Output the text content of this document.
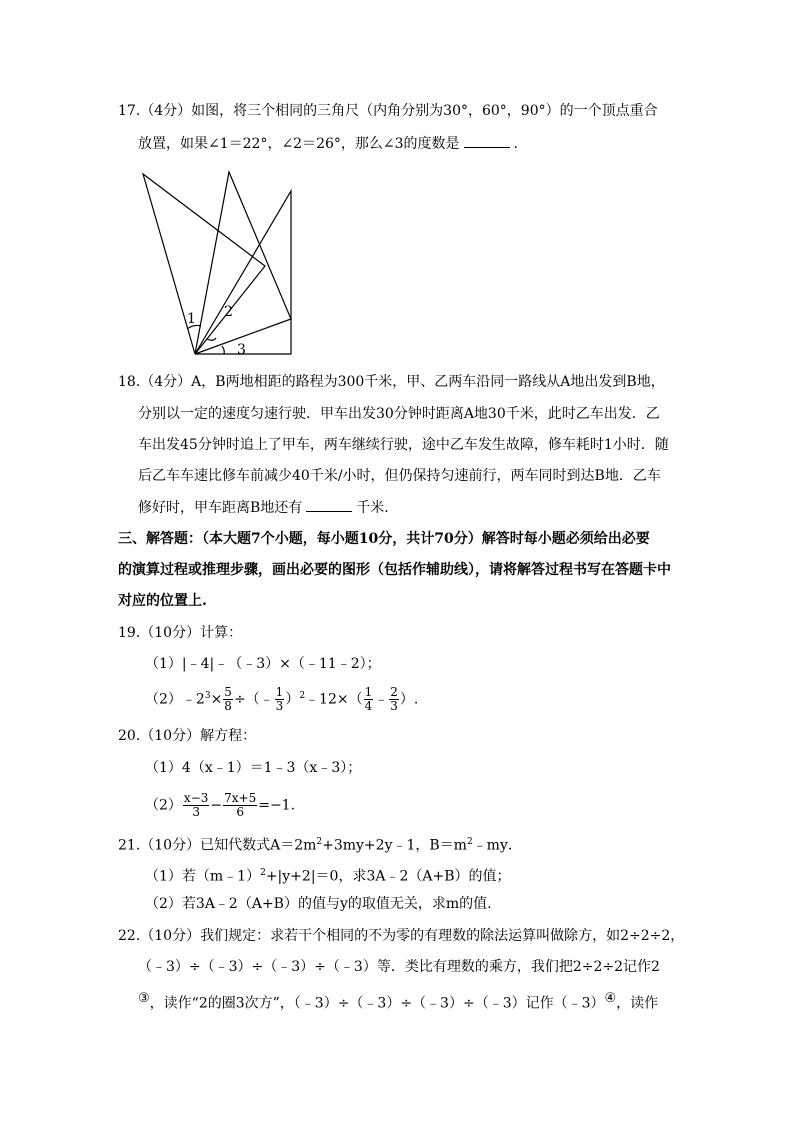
17.（4分）如图，将三个相同的三角尺（内角分别为30°，60°，90°）的一个顶点重合
放置，如果∠1＝22°，∠2＝26°，那么∠3的度数是	.
1 2
3
18.（4分）A，B两地相距的路程为300千米，甲、乙两车沿同一路线从A地出发到B地，
分别以一定的速度匀速行驶．甲车出发30分钟时距离A地30千米，此时乙车出发．乙
车出发45分钟时追上了甲车，两车继续行驶，途中乙车发生故障，修车耗时1小时．随
后乙车车速比修车前减少40千米/小时，但仍保持匀速前行，两车同时到达B地．乙车
修好时，甲车距离B地还有	千米．
三、解答题：（本大题7个小题，每小题10分，共计70分）解答时每小题必须给出必要
的演算过程或推理步骤，画出必要的图形（包括作辅助线），请将解答过程书写在答题卡中
对应的位置上.
19.（10分）计算：
（1）|﹣4|﹣（﹣3）×（﹣11﹣2）；
$(2)﹣2^3\times \frac{5}{8}$ ÷（﹣ $\frac{1}{3}$ ）$^2$﹣12×（ $\frac{1}{4}$ ﹣ $\frac{2}{3}$ ）.
20.（10分）解方程：
（1）4（x﹣1）＝1﹣3（x﹣3）；
$(2) \frac{x-3}{3} - \frac{7x+5}{6} =-1$.
21.（10分）已知代数式$A=2m^2+3my+2y﹣1$，$B=m^2﹣my$．
（1）若（m﹣1）$^2$+|y+2|＝0，求3A﹣2（A+B）的值；
（2）若3A﹣2（A+B）的值与y的取值无关，求m的值.
22.（10分）我们规定：求若干个相同的不为零的有理数的除法运算叫做除方，如2÷2÷2，
（﹣3）÷（﹣3）÷（﹣3）÷（﹣3）等．类比有理数的乘方，我们把2÷2÷2记作2
③，读作“2的圈3次方”，（﹣3）÷（﹣3）÷（﹣3）÷（﹣3）记作（﹣3）④，读作
